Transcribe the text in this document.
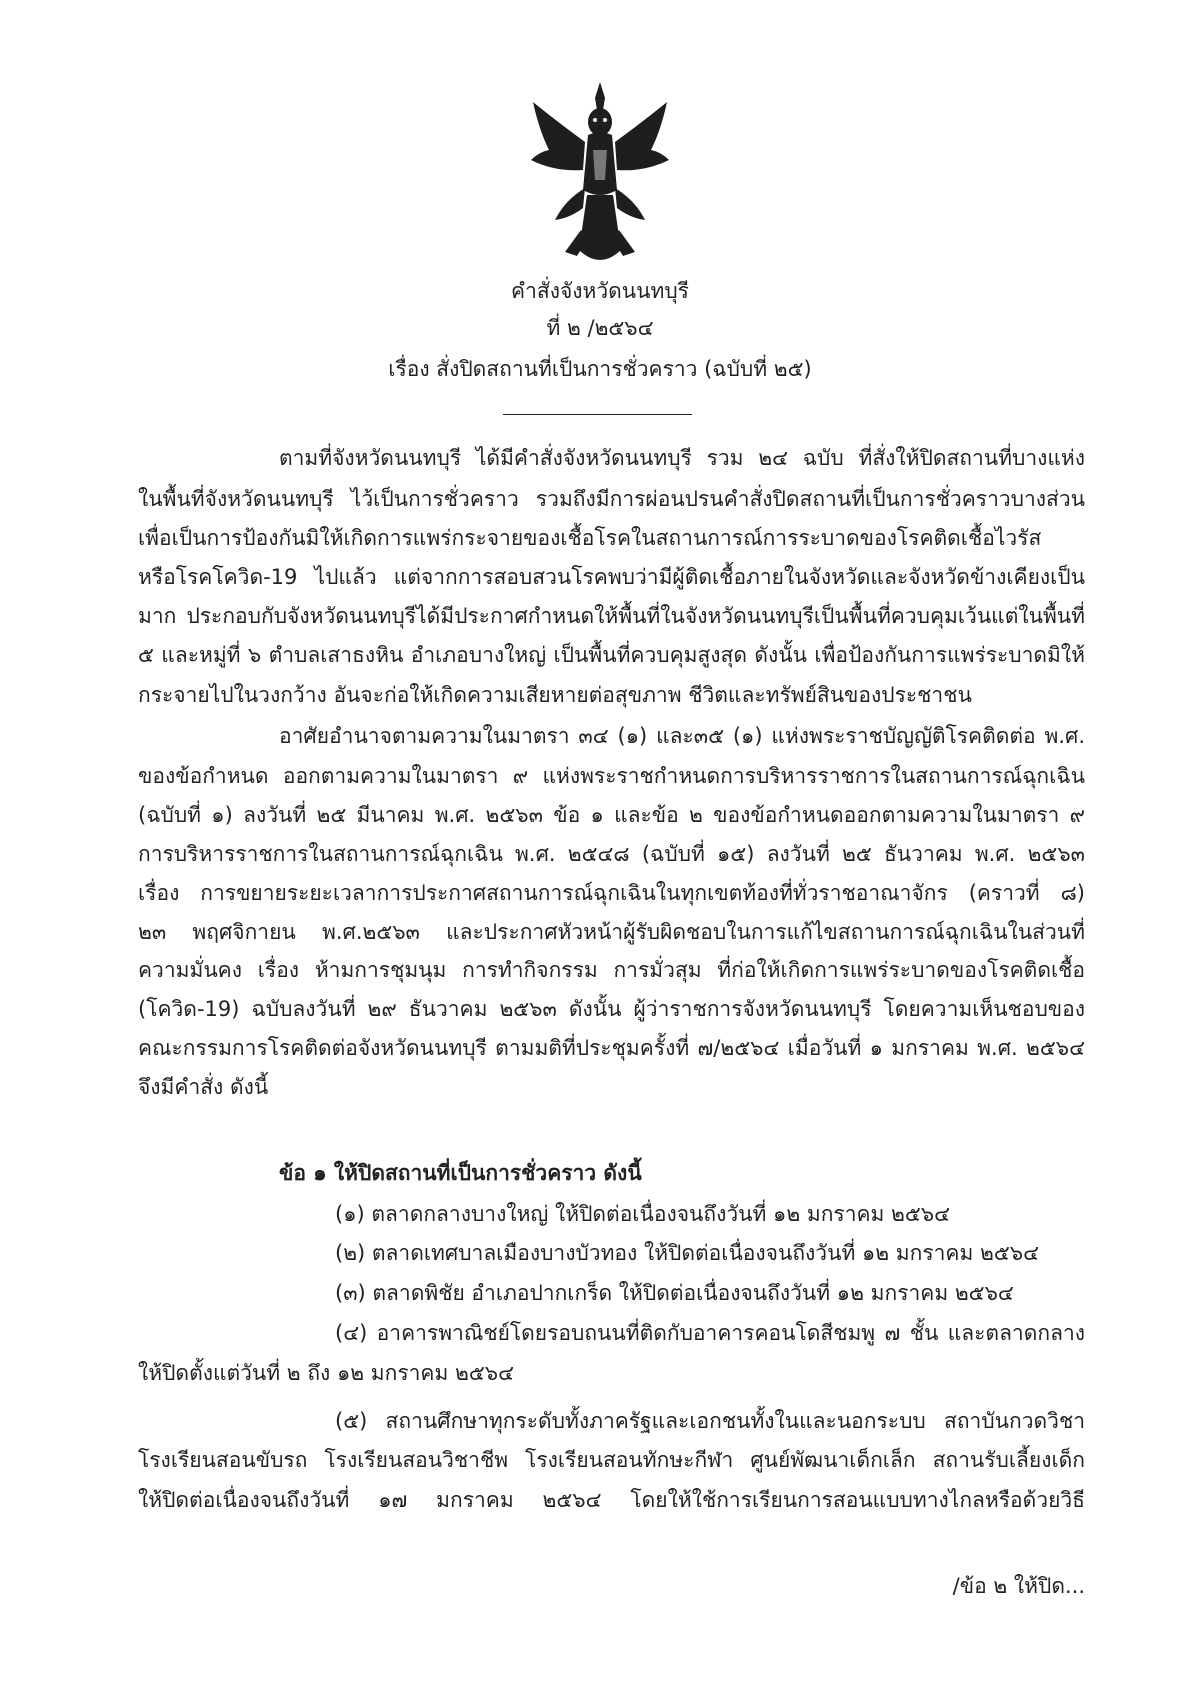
คำสั่งจังหวัดนนทบุรี
ที่ ๒ /๒๕๖๔
เรื่อง สั่งปิดสถานที่เป็นการชั่วคราว (ฉบับที่ ๒๕)
ตามที่จังหวัดนนทบุรี ได้มีคำสั่งจังหวัดนนทบุรี รวม ๒๔ ฉบับ ที่สั่งให้ปิดสถานที่บางแห่ง
ในพื้นที่จังหวัดนนทบุรี ไว้เป็นการชั่วคราว รวมถึงมีการผ่อนปรนคำสั่งปิดสถานที่เป็นการชั่วคราวบางส่วน
เพื่อเป็นการป้องกันมิให้เกิดการแพร่กระจายของเชื้อโรคในสถานการณ์การระบาดของโรคติดเชื้อไวรัส
หรือโรคโควิด-19 ไปแล้ว แต่จากการสอบสวนโรคพบว่ามีผู้ติดเชื้อภายในจังหวัดและจังหวัดข้างเคียงเป็น
มาก ประกอบกับจังหวัดนนทบุรีได้มีประกาศกำหนดให้พื้นที่ในจังหวัดนนทบุรีเป็นพื้นที่ควบคุมเว้นแต่ในพื้นที่
๕ และหมู่ที่ ๖ ตำบลเสาธงหิน อำเภอบางใหญ่ เป็นพื้นที่ควบคุมสูงสุด ดังนั้น เพื่อป้องกันการแพร่ระบาดมิให้
กระจายไปในวงกว้าง อันจะก่อให้เกิดความเสียหายต่อสุขภาพ ชีวิตและทรัพย์สินของประชาชน
อาศัยอำนาจตามความในมาตรา ๓๔ (๑) และ๓๕ (๑) แห่งพระราชบัญญัติโรคติดต่อ พ.ศ.
ของข้อกำหนด ออกตามความในมาตรา ๙ แห่งพระราชกำหนดการบริหารราชการในสถานการณ์ฉุกเฉิน
(ฉบับที่ ๑) ลงวันที่ ๒๕ มีนาคม พ.ศ. ๒๕๖๓ ข้อ ๑ และข้อ ๒ ของข้อกำหนดออกตามความในมาตรา ๙
การบริหารราชการในสถานการณ์ฉุกเฉิน พ.ศ. ๒๕๔๘ (ฉบับที่ ๑๕) ลงวันที่ ๒๕ ธันวาคม พ.ศ. ๒๕๖๓
เรื่อง การขยายระยะเวลาการประกาศสถานการณ์ฉุกเฉินในทุกเขตท้องที่ทั่วราชอาณาจักร (คราวที่ ๘)
๒๓ พฤศจิกายน พ.ศ.๒๕๖๓ และประกาศหัวหน้าผู้รับผิดชอบในการแก้ไขสถานการณ์ฉุกเฉินในส่วนที่
ความมั่นคง เรื่อง ห้ามการชุมนุม การทำกิจกรรม การมั่วสุม ที่ก่อให้เกิดการแพร่ระบาดของโรคติดเชื้อ
(โควิด-19) ฉบับลงวันที่ ๒๙ ธันวาคม ๒๕๖๓ ดังนั้น ผู้ว่าราชการจังหวัดนนทบุรี โดยความเห็นชอบของ
คณะกรรมการโรคติดต่อจังหวัดนนทบุรี ตามมติที่ประชุมครั้งที่ ๗/๒๕๖๔ เมื่อวันที่ ๑ มกราคม พ.ศ. ๒๕๖๔
จึงมีคำสั่ง ดังนี้
ข้อ ๑ ให้ปิดสถานที่เป็นการชั่วคราว ดังนี้
(๑) ตลาดกลางบางใหญ่ ให้ปิดต่อเนื่องจนถึงวันที่ ๑๒ มกราคม ๒๕๖๔
(๒) ตลาดเทศบาลเมืองบางบัวทอง ให้ปิดต่อเนื่องจนถึงวันที่ ๑๒ มกราคม ๒๕๖๔
(๓) ตลาดพิชัย อำเภอปากเกร็ด ให้ปิดต่อเนื่องจนถึงวันที่ ๑๒ มกราคม ๒๕๖๔
(๔) อาคารพาณิชย์โดยรอบถนนที่ติดกับอาคารคอนโดสีชมพู ๗ ชั้น และตลาดกลาง
ให้ปิดตั้งแต่วันที่ ๒ ถึง ๑๒ มกราคม ๒๕๖๔
(๕) สถานศึกษาทุกระดับทั้งภาครัฐและเอกชนทั้งในและนอกระบบ สถาบันกวดวิชา
โรงเรียนสอนขับรถ โรงเรียนสอนวิชาชีพ โรงเรียนสอนทักษะกีฬา ศูนย์พัฒนาเด็กเล็ก สถานรับเลี้ยงเด็ก
ให้ปิดต่อเนื่องจนถึงวันที่ ๑๗ มกราคม ๒๕๖๔ โดยให้ใช้การเรียนการสอนแบบทางไกลหรือด้วยวิธี
/ข้อ ๒ ให้ปิด...
